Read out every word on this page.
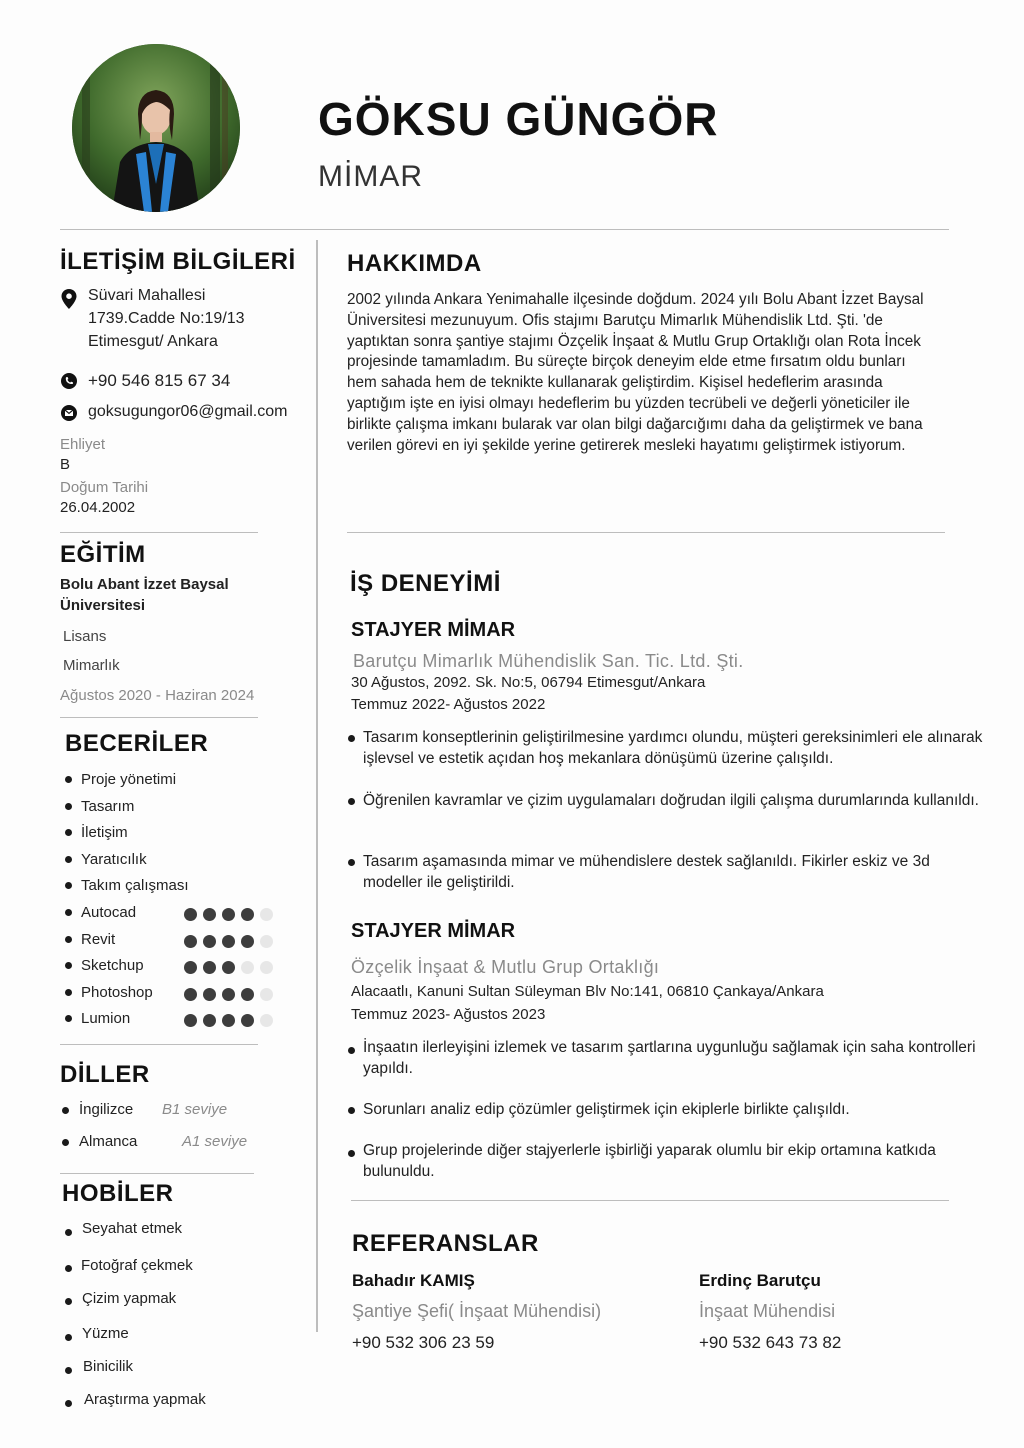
GÖKSU GÜNGÖR
MİMAR
İLETİŞİM BİLGİLERİ
Süvari Mahallesi
1739.Cadde No:19/13
Etimesgut/ Ankara
+90 546 815 67 34
goksugungor06@gmail.com
Ehliyet
B
Doğum Tarihi
26.04.2002
EĞİTİM
Bolu Abant İzzet Baysal
Üniversitesi
Lisans
Mimarlık
Ağustos 2020 - Haziran 2024
BECERİLER
Proje yönetimi
Tasarım
İletişim
Yaratıcılık
Takım çalışması
Autocad
Revit
Sketchup
Photoshop
Lumion
DİLLER
İngilizce B1 seviye
Almanca	A1 seviye
HOBİLER
Seyahat etmek
Fotoğraf çekmek
Çizim yapmak
Yüzme
Binicilik
Araştırma yapmak
HAKKIMDA
2002 yılında Ankara Yenimahalle ilçesinde doğdum. 2024 yılı Bolu Abant İzzet Baysal Üniversitesi mezunuyum. Ofis stajımı Barutçu Mimarlık Mühendislik Ltd. Şti. 'de yaptıktan sonra şantiye stajımı Özçelik İnşaat & Mutlu Grup Ortaklığı olan Rota İncek projesinde tamamladım. Bu süreçte birçok deneyim elde etme fırsatım oldu bunları hem sahada hem de teknikte kullanarak geliştirdim. Kişisel hedeflerim arasında yaptığım işte en iyisi olmayı hedeflerim bu yüzden tecrübeli ve değerli yöneticiler ile birlikte çalışma imkanı bularak var olan bilgi dağarcığımı daha da geliştirmek ve bana verilen görevi en iyi şekilde yerine getirerek mesleki hayatımı geliştirmek istiyorum.
İŞ DENEYİMİ
STAJYER MİMAR
Barutçu Mimarlık Mühendislik San. Tic. Ltd. Şti.
30 Ağustos, 2092. Sk. No:5, 06794 Etimesgut/Ankara
Temmuz 2022- Ağustos 2022
Tasarım konseptlerinin geliştirilmesine yardımcı olundu, müşteri gereksinimleri ele alınarak işlevsel ve estetik açıdan hoş mekanlara dönüşümü üzerine çalışıldı.
Öğrenilen kavramlar ve çizim uygulamaları doğrudan ilgili çalışma durumlarında kullanıldı.
Tasarım aşamasında mimar ve mühendislere destek sağlanıldı. Fikirler eskiz ve 3d modeller ile geliştirildi.
STAJYER MİMAR
Özçelik İnşaat & Mutlu Grup Ortaklığı
Alacaatlı, Kanuni Sultan Süleyman Blv No:141, 06810 Çankaya/Ankara
Temmuz 2023- Ağustos 2023
İnşaatın ilerleyişini izlemek ve tasarım şartlarına uygunluğu sağlamak için saha kontrolleri yapıldı.
Sorunları analiz edip çözümler geliştirmek için ekiplerle birlikte çalışıldı.
Grup projelerinde diğer stajyerlerle işbirliği yaparak olumlu bir ekip ortamına katkıda bulunuldu.
REFERANSLAR
Bahadır KAMIŞ
Şantiye Şefi( İnşaat Mühendisi)
+90 532 306 23 59
Erdinç Barutçu
İnşaat Mühendisi
+90 532 643 73 82
